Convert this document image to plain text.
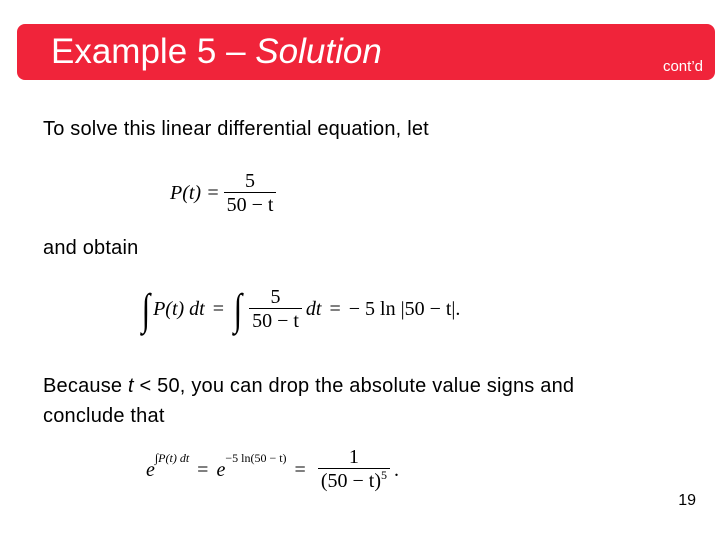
Example 5 – Solution	cont’d
To solve this linear differential equation, let
$P(t) = \frac{5}{50 - t}$
and obtain
∫ P(t) dt = ∫ $\frac{5}{50 - t}$ dt = − 5 ln |50 − t|.
Because t < 50, you can drop the absolute value signs and
conclude that
e
∫P(t) dt
= e
−5 ln(50 − t)
= $\frac{1}{(50 - t)^5}$ .
19
